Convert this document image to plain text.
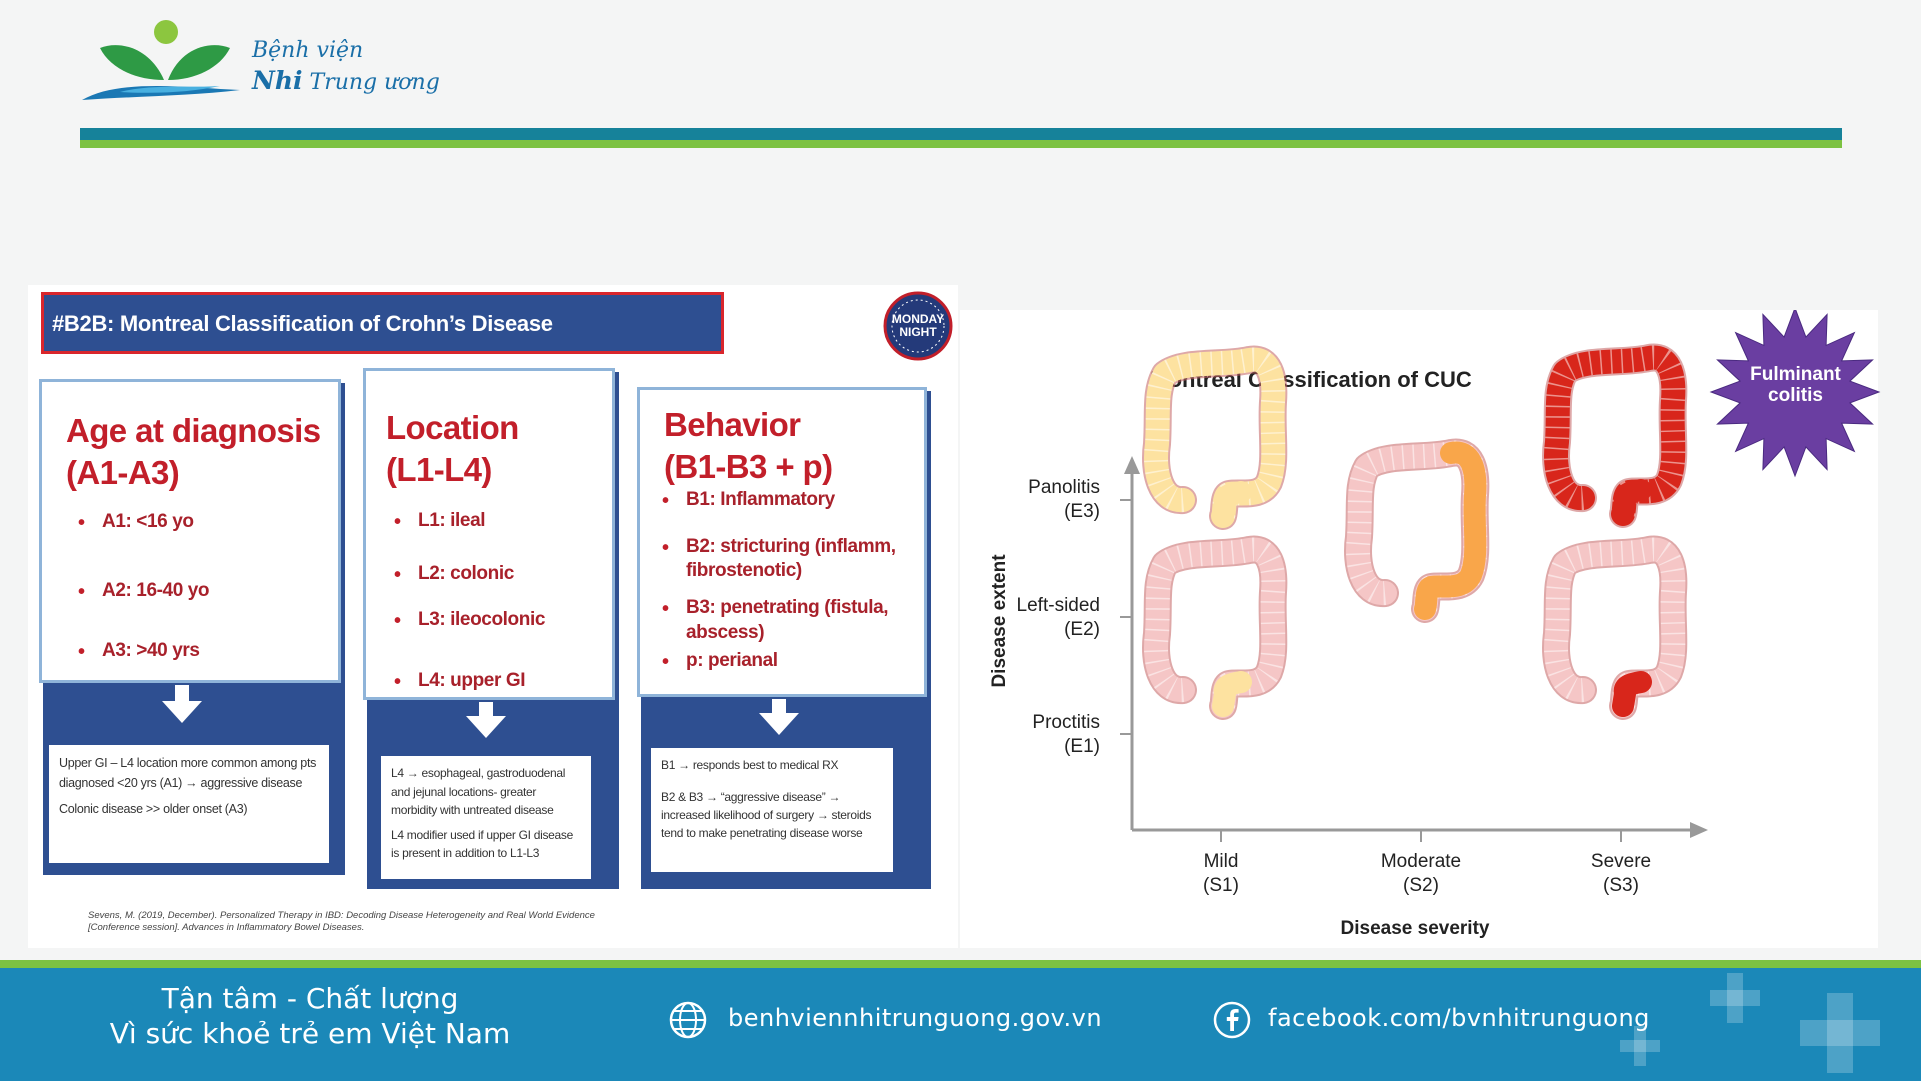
Bệnh viện
Nhi Trung ương
#B2B: Montreal Classification of Crohn’s Disease	MONDAY
NIGHT
Age at diagnosis
(A1-A3)
• A1: <16 yo
• A2: 16-40 yo
• A3: >40 yrs

Upper GI – L4 location more common among pts diagnosed <20 yrs (A1) → aggressive disease

Colonic disease >> older onset (A3)

Location
(L1-L4)
• L1: ileal
• L2: colonic
• L3: ileocolonic
• L4: upper GI

L4 → esophageal, gastroduodenal and jejunal locations- greater morbidity with untreated disease

L4 modifier used if upper GI disease is present in addition to L1-L3

Behavior
(B1-B3 + p)
• B1: Inflammatory
• B2: stricturing (inflamm, fibrostenotic)
• B3: penetrating (fistula, abscess)
• p: perianal

B1 → responds best to medical RX

B2 & B3 → “aggressive disease” → increased likelihood of surgery → steroids tend to make penetrating disease worse

Sevens, M. (2019, December). Personalized Therapy in IBD: Decoding Disease Heterogeneity and Real World Evidence [Conference session]. Advances in Inflammatory Bowel Diseases.
Montreal Classification of CUC	Fulminant
colitis
Disease extent
Panolitis
(E3)
Left-sided
(E2)
Proctitis
(E1)
Mild
(S1)
Moderate
(S2)
Severe
(S3)
Disease severity
Tận tâm - Chất lượng
Vì sức khoẻ trẻ em Việt Nam	benhviennhitrunguong.gov.vn	facebook.com/bvnhitrunguong
